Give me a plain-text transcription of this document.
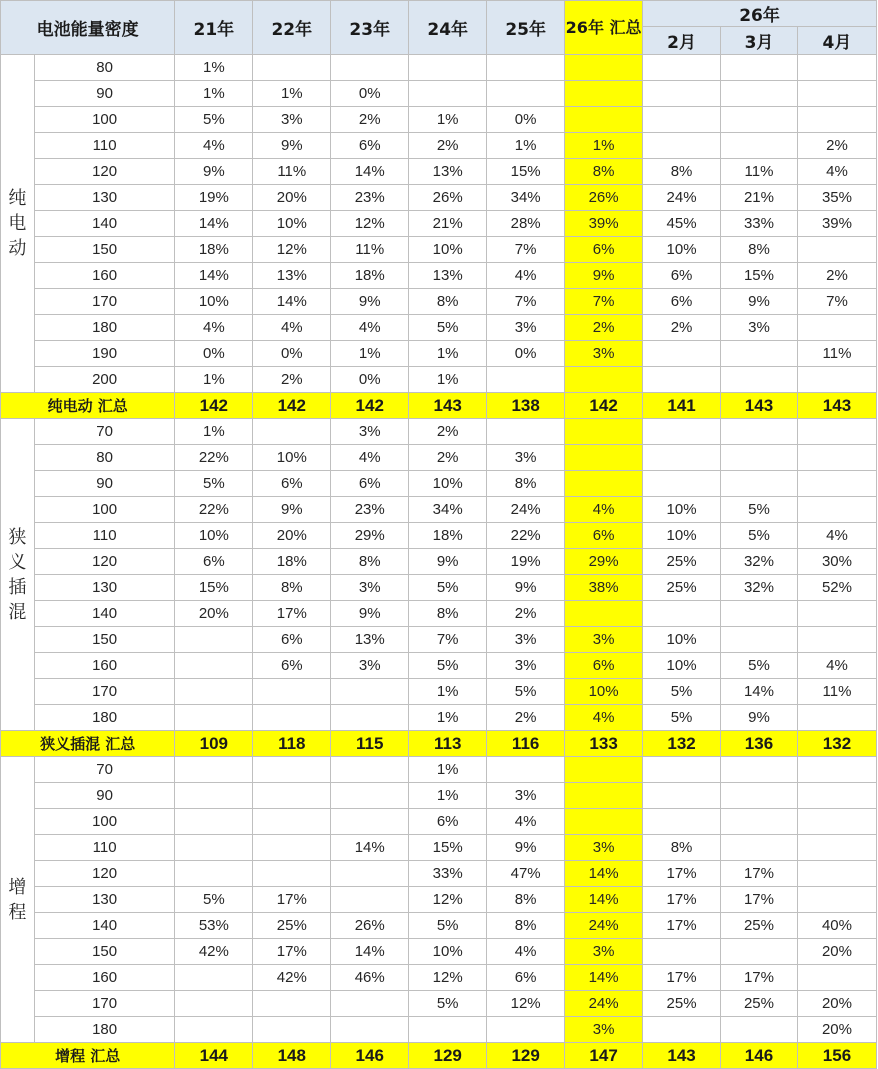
电池能量密度		21年	22年	23年	24年	25年	26年 汇总	26年		
								2月	3月	4月

纯
电
动	80	1%								
	90	1%	1%	0%						
	100	5%	3%	2%	1%	0%				
	110	4%	9%	6%	2%	1%	1%			2%
	120	9%	11%	14%	13%	15%	8%	8%	11%	4%
	130	19%	20%	23%	26%	34%	26%	24%	21%	35%
	140	14%	10%	12%	21%	28%	39%	45%	33%	39%
	150	18%	12%	11%	10%	7%	6%	10%	8%	
	160	14%	13%	18%	13%	4%	9%	6%	15%	2%
	170	10%	14%	9%	8%	7%	7%	6%	9%	7%
	180	4%	4%	4%	5%	3%	2%	2%	3%	
	190	0%	0%	1%	1%	0%	3%			11%
	200	1%	2%	0%	1%					
纯电动 汇总		142	142	142	143	138	142	141	143	143

狭
义
插
混	70	1%		3%	2%					
	80	22%	10%	4%	2%	3%				
	90	5%	6%	6%	10%	8%				
	100	22%	9%	23%	34%	24%	4%	10%	5%	
	110	10%	20%	29%	18%	22%	6%	10%	5%	4%
	120	6%	18%	8%	9%	19%	29%	25%	32%	30%
	130	15%	8%	3%	5%	9%	38%	25%	32%	52%
	140	20%	17%	9%	8%	2%				
	150		6%	13%	7%	3%	3%	10%		
	160		6%	3%	5%	3%	6%	10%	5%	4%
	170				1%	5%	10%	5%	14%	11%
	180				1%	2%	4%	5%	9%	
狭义插混 汇总		109	118	115	113	116	133	132	136	132

增
程	70				1%					
	90				1%	3%				
	100				6%	4%				
	110			14%	15%	9%	3%	8%		
	120				33%	47%	14%	17%	17%	
	130	5%	17%		12%	8%	14%	17%	17%	
	140	53%	25%	26%	5%	8%	24%	17%	25%	40%
	150	42%	17%	14%	10%	4%	3%			20%
	160		42%	46%	12%	6%	14%	17%	17%	
	170				5%	12%	24%	25%	25%	20%
	180						3%			20%
增程 汇总		144	148	146	129	129	147	143	146	156
